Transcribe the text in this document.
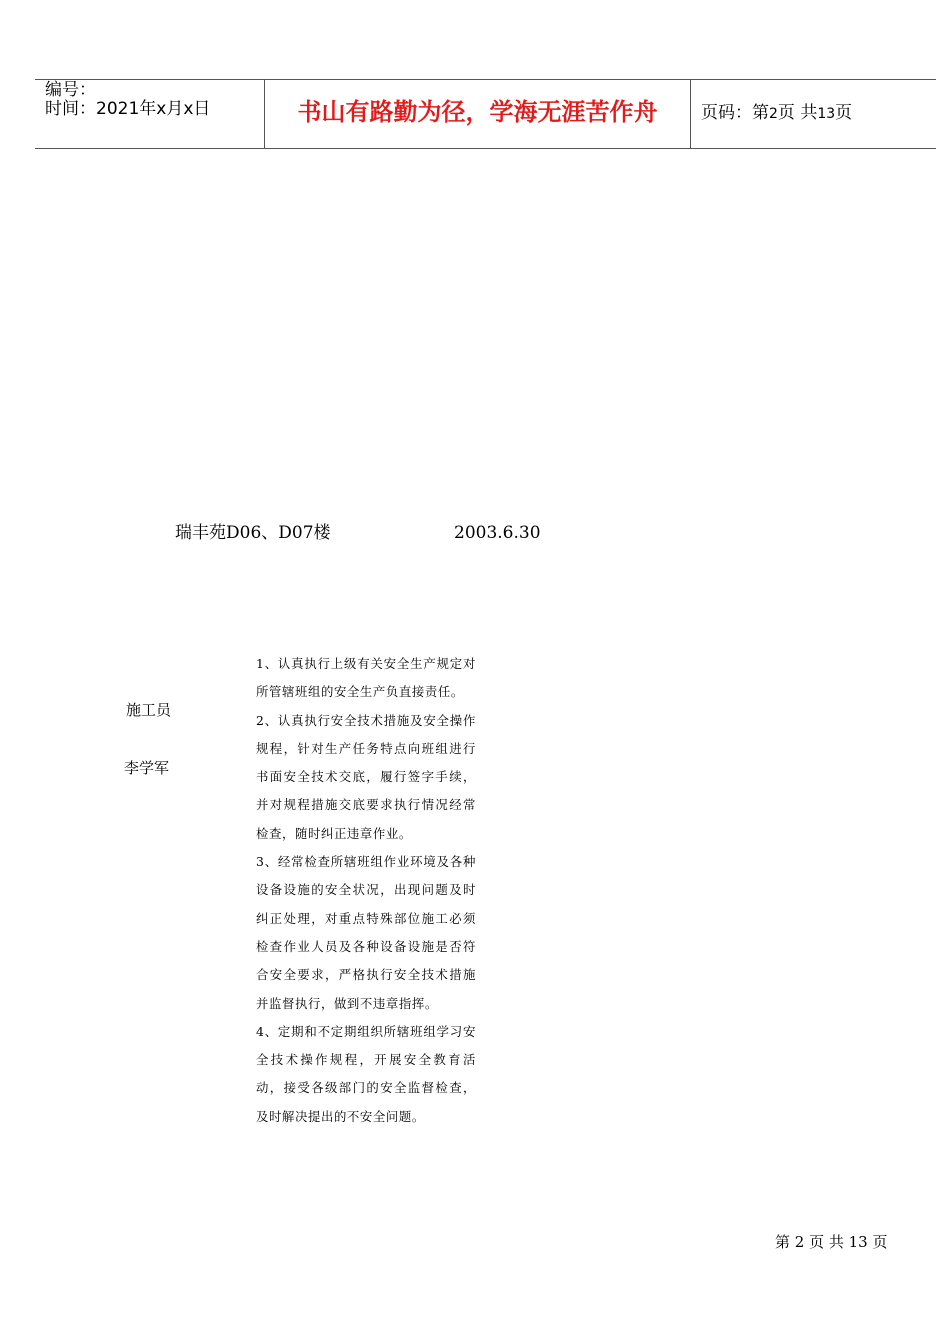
编号：
时间：2021年x月x日	书山有路勤为径，学海无涯苦作舟	页码：第2页 共13页
瑞丰苑D06、D07楼	2003.6.30
施工员
李学军

1、认真执行上级有关安全生产规定对所管辖班组的安全生产负直接责任。

2、认真执行安全技术措施及安全操作规程，针对生产任务特点向班组进行书面安全技术交底，履行签字手续，并对规程措施交底要求执行情况经常检查，随时纠正违章作业。

3、经常检查所辖班组作业环境及各种设备设施的安全状况，出现问题及时纠正处理，对重点特殊部位施工必须检查作业人员及各种设备设施是否符合安全要求，严格执行安全技术措施并监督执行，做到不违章指挥。

4、定期和不定期组织所辖班组学习安全技术操作规程，开展安全教育活动，接受各级部门的安全监督检查，及时解决提出的不安全问题。

第 2 页 共 13 页
